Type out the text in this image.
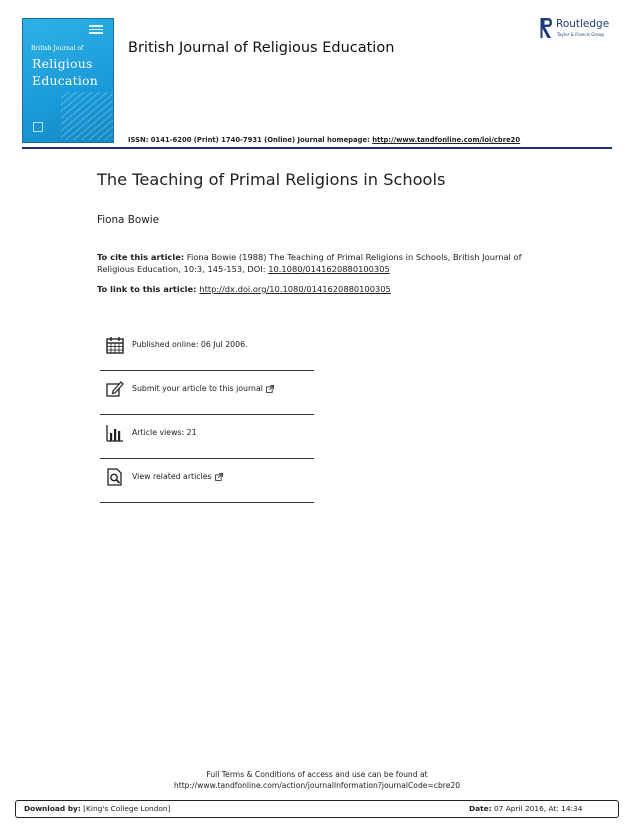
British Journal of
Religious
Education
British Journal of Religious Education
ISSN: 0141-6200 (Print) 1740-7931 (Online) Journal homepage: http://www.tandfonline.com/loi/cbre20
Routledge
Taylor & Francis Group
The Teaching of Primal Religions in Schools
Fiona Bowie
To cite this article: Fiona Bowie (1988) The Teaching of Primal Religions in Schools, British Journal of Religious Education, 10:3, 145-153, DOI: 10.1080/0141620880100305
To link to this article: http://dx.doi.org/10.1080/0141620880100305
Published online: 06 Jul 2006.
Submit your article to this journal
Article views: 21
View related articles
Full Terms & Conditions of access and use can be found at
http://www.tandfonline.com/action/journalInformation?journalCode=cbre20
Download by: [King's College London]	Date: 07 April 2016, At: 14:34
